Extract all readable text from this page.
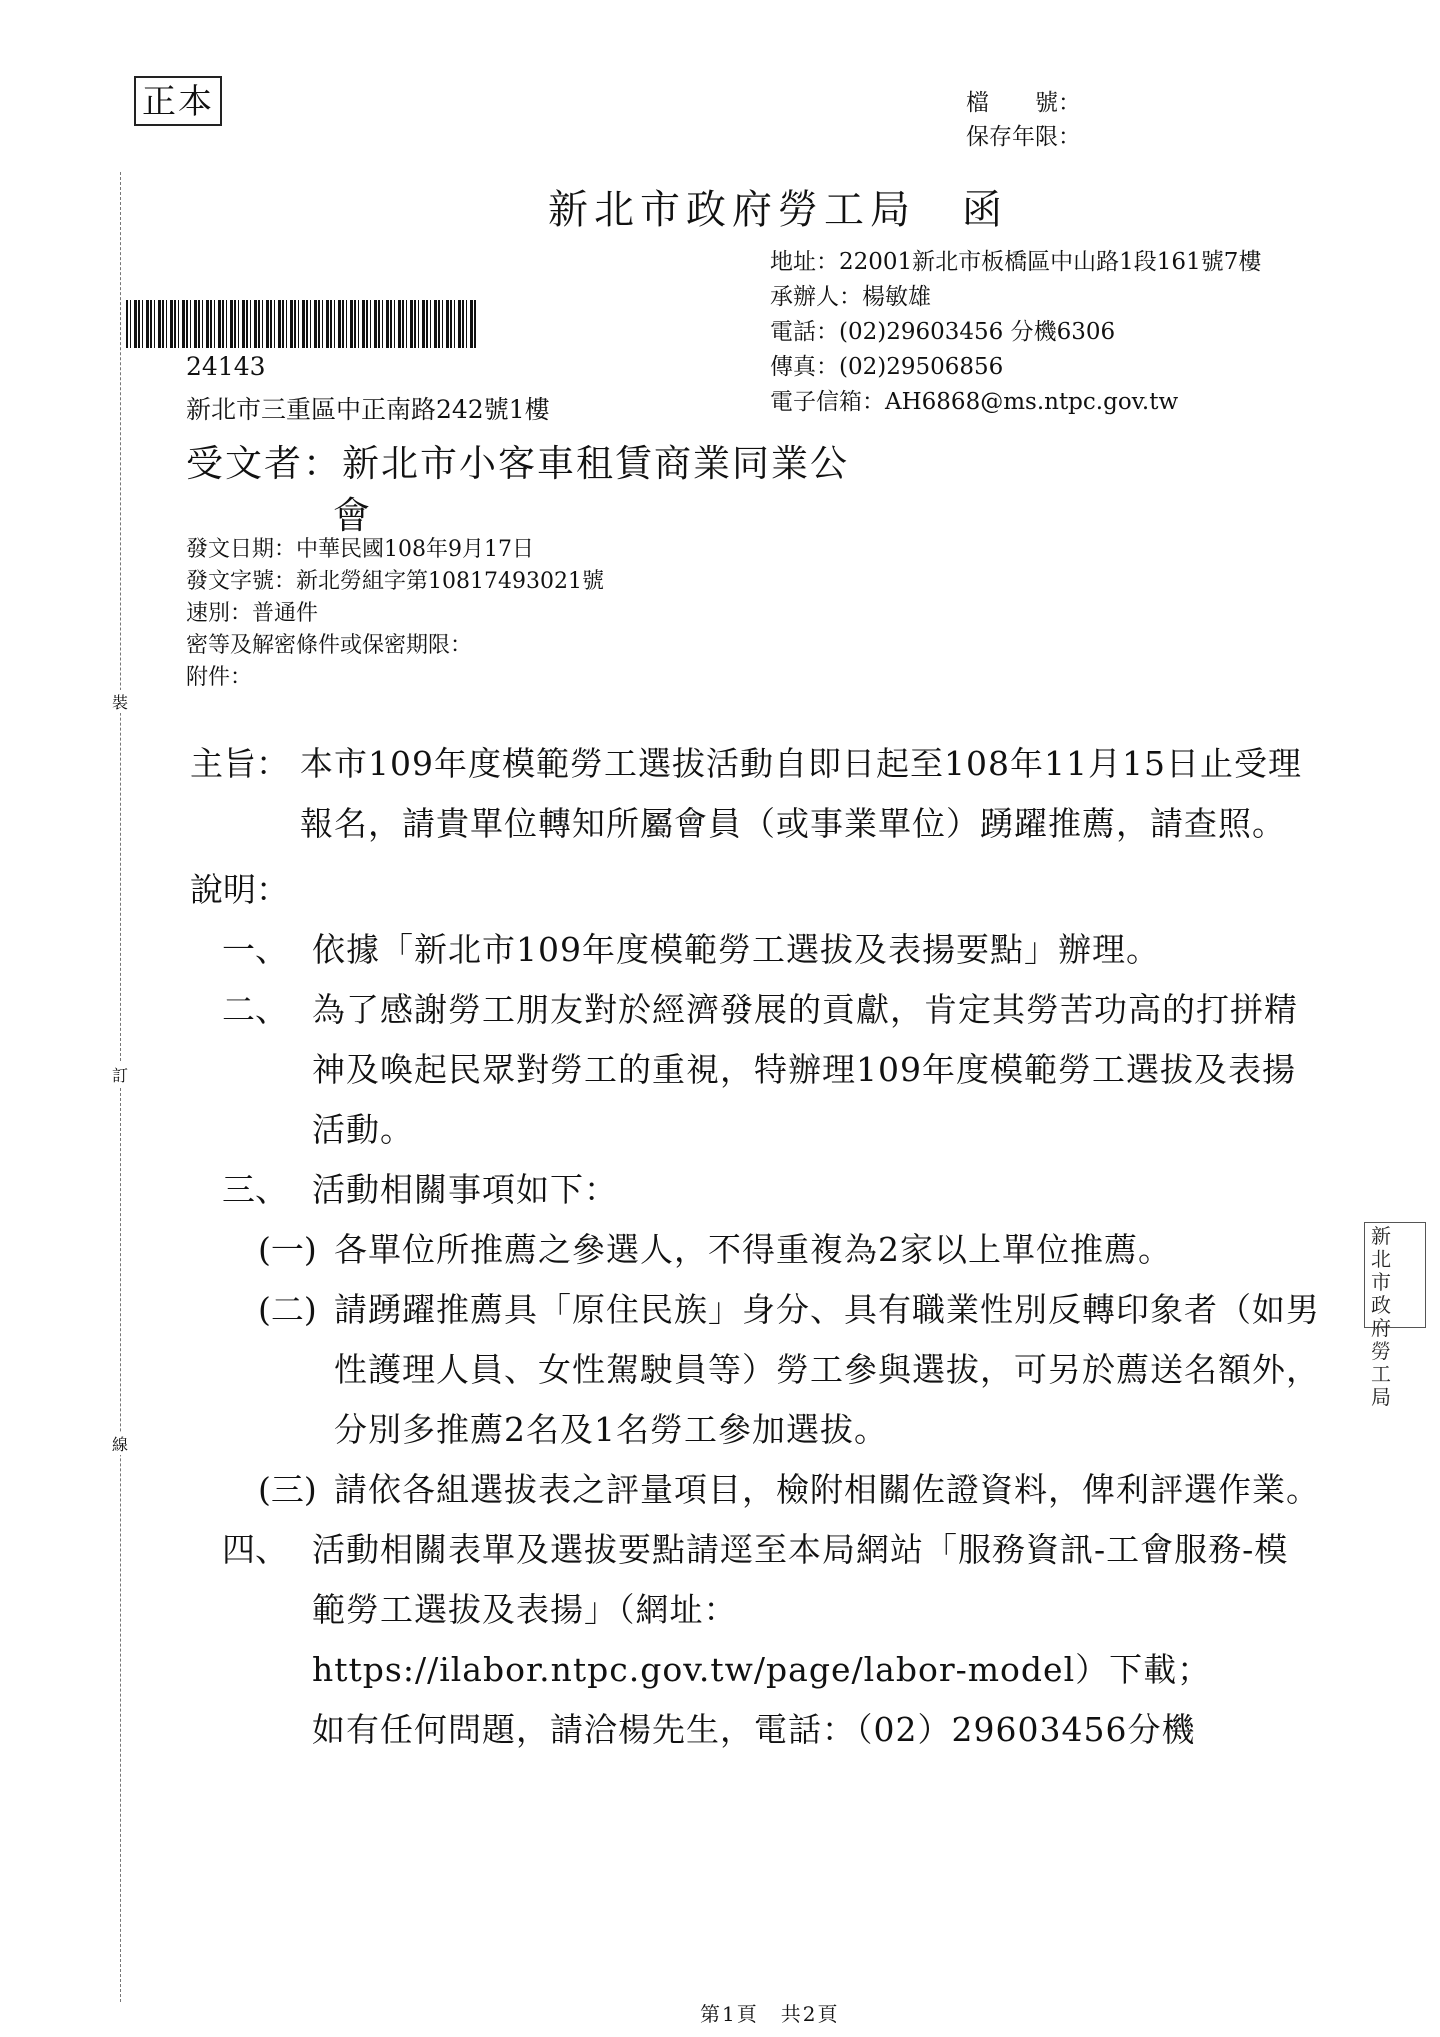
正本	檔　　號：
保存年限：
新北市政府勞工局　函
24143
新北市三重區中正南路242號1樓
地址：22001新北市板橋區中山路1段161號7樓
承辦人：楊敏雄
電話：(02)29603456 分機6306
傳真：(02)29506856
電子信箱：AH6868@ms.ntpc.gov.tw
受文者：新北市小客車租賃商業同業公
會
發文日期：中華民國108年9月17日
發文字號：新北勞組字第10817493021號
速別：普通件
密等及解密條件或保密期限：
附件：
裝
訂
線
主旨： 本市109年度模範勞工選拔活動自即日起至108年11月15日止受理報名，請貴單位轉知所屬會員（或事業單位）踴躍推薦，請查照。
說明：
一、 依據「新北市109年度模範勞工選拔及表揚要點」辦理。
二、 為了感謝勞工朋友對於經濟發展的貢獻，肯定其勞苦功高的打拼精神及喚起民眾對勞工的重視，特辦理109年度模範勞工選拔及表揚活動。
三、 活動相關事項如下：
(一) 各單位所推薦之參選人，不得重複為2家以上單位推薦。
(二) 請踴躍推薦具「原住民族」身分、具有職業性別反轉印象者（如男性護理人員、女性駕駛員等）勞工參與選拔，可另於薦送名額外，分別多推薦2名及1名勞工參加選拔。
(三) 請依各組選拔表之評量項目，檢附相關佐證資料，俾利評選作業。
四、 活動相關表單及選拔要點請逕至本局網站「服務資訊-工會服務-模範勞工選拔及表揚」（網址：
https://ilabor.ntpc.gov.tw/page/labor-model）下載；
如有任何問題，請洽楊先生，電話：（02）29603456分機
新北市政府勞工局
第1頁　共2頁
